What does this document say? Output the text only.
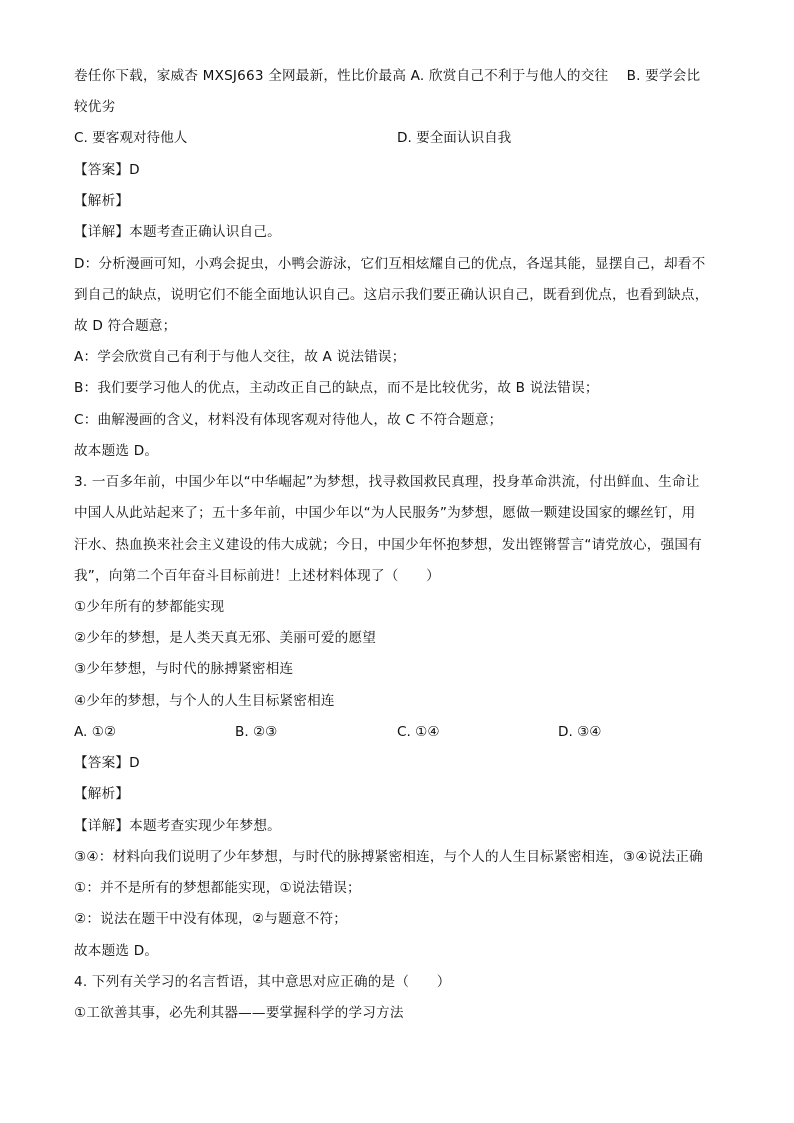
卷任你下载，家威杏 MXSJ663 全网最新，性比价最高 A. 欣赏自己不利于与他人的交往　 B. 要学会比
较优劣
C. 要客观对待他人	D. 要全面认识自我
【答案】D
【解析】
【详解】本题考查正确认识自己。
D：分析漫画可知，小鸡会捉虫，小鸭会游泳，它们互相炫耀自己的优点，各逞其能，显摆自己，却看不
到自己的缺点，说明它们不能全面地认识自己。这启示我们要正确认识自己，既看到优点，也看到缺点，
故 D 符合题意；
A：学会欣赏自己有利于与他人交往，故 A 说法错误；
B：我们要学习他人的优点，主动改正自己的缺点，而不是比较优劣，故 B 说法错误；
C：曲解漫画的含义，材料没有体现客观对待他人，故 C 不符合题意；
故本题选 D。
3. 一百多年前，中国少年以“中华崛起”为梦想，找寻救国救民真理，投身革命洪流，付出鲜血、生命让
中国人从此站起来了；五十多年前，中国少年以“为人民服务”为梦想，愿做一颗建设国家的螺丝钉，用
汗水、热血换来社会主义建设的伟大成就；今日，中国少年怀抱梦想，发出铿锵誓言“请党放心，强国有
我”，向第二个百年奋斗目标前进！上述材料体现了（　　）
①少年所有的梦都能实现
②少年的梦想，是人类天真无邪、美丽可爱的愿望
③少年梦想，与时代的脉搏紧密相连
④少年的梦想，与个人的人生目标紧密相连
A. ①②	B. ②③	C. ①④	D. ③④
【答案】D
【解析】
【详解】本题考查实现少年梦想。
③④：材料向我们说明了少年梦想，与时代的脉搏紧密相连，与个人的人生目标紧密相连，③④说法正确
①：并不是所有的梦想都能实现，①说法错误；
②：说法在题干中没有体现，②与题意不符；
故本题选 D。
4. 下列有关学习的名言哲语，其中意思对应正确的是（　　）
①工欲善其事，必先利其器——要掌握科学的学习方法
